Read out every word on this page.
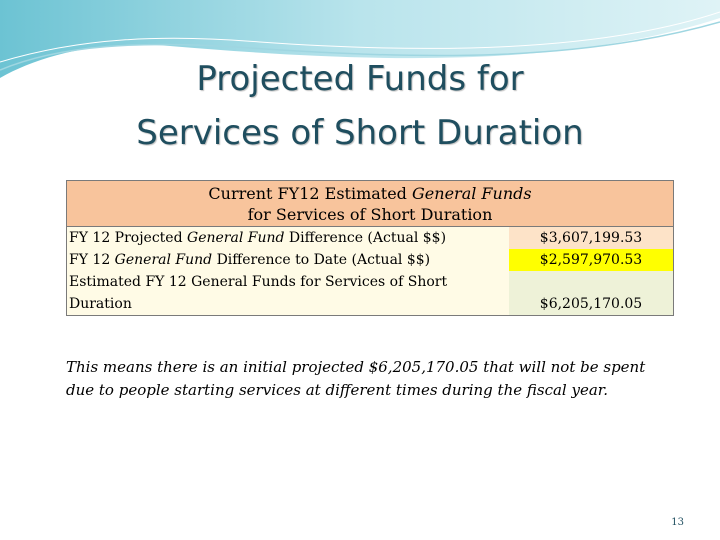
Projected Funds for
Services of Short Duration
Current FY12 Estimated General Funds
for Services of Short Duration	
FY 12 Projected General Fund Difference (Actual $$)	$3,607,199.53
FY 12 General Fund Difference to Date (Actual $$)	$2,597,970.53
Estimated FY 12 General Funds for Services of Short Duration	$6,205,170.05
This means there is an initial projected $6,205,170.05 that will not be spent due to people starting services at different times during the fiscal year.
13
